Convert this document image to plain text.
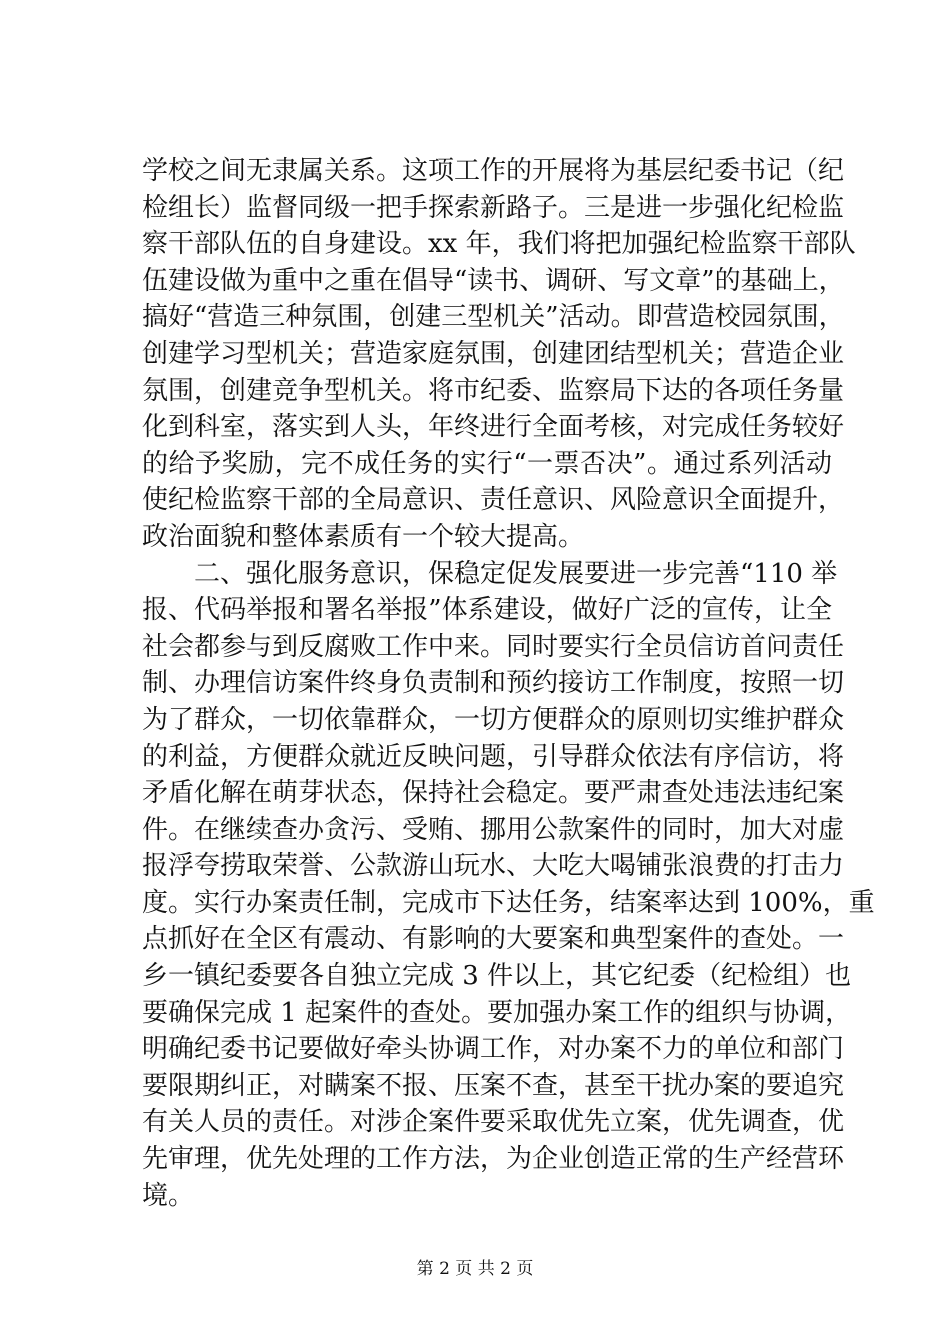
学校之间无隶属关系。这项工作的开展将为基层纪委书记（纪
检组长）监督同级一把手探索新路子。三是进一步强化纪检监
察干部队伍的自身建设。xx 年，我们将把加强纪检监察干部队
伍建设做为重中之重在倡导“读书、调研、写文章”的基础上，
搞好“营造三种氛围，创建三型机关”活动。即营造校园氛围，
创建学习型机关；营造家庭氛围，创建团结型机关；营造企业
氛围，创建竞争型机关。将市纪委、监察局下达的各项任务量
化到科室，落实到人头，年终进行全面考核，对完成任务较好
的给予奖励，完不成任务的实行“一票否决”。通过系列活动
使纪检监察干部的全局意识、责任意识、风险意识全面提升，
政治面貌和整体素质有一个较大提高。
　　二、强化服务意识，保稳定促发展要进一步完善“110 举
报、代码举报和署名举报”体系建设，做好广泛的宣传，让全
社会都参与到反腐败工作中来。同时要实行全员信访首问责任
制、办理信访案件终身负责制和预约接访工作制度，按照一切
为了群众，一切依靠群众，一切方便群众的原则切实维护群众
的利益，方便群众就近反映问题，引导群众依法有序信访，将
矛盾化解在萌芽状态，保持社会稳定。要严肃查处违法违纪案
件。在继续查办贪污、受贿、挪用公款案件的同时，加大对虚
报浮夸捞取荣誉、公款游山玩水、大吃大喝铺张浪费的打击力
度。实行办案责任制，完成市下达任务，结案率达到 100%，重
点抓好在全区有震动、有影响的大要案和典型案件的查处。一
乡一镇纪委要各自独立完成 3 件以上，其它纪委（纪检组）也
要确保完成 1 起案件的查处。要加强办案工作的组织与协调，
明确纪委书记要做好牵头协调工作，对办案不力的单位和部门
要限期纠正，对瞒案不报、压案不查，甚至干扰办案的要追究
有关人员的责任。对涉企案件要采取优先立案，优先调查，优
先审理，优先处理的工作方法，为企业创造正常的生产经营环
境。
第 2 页 共 2 页
